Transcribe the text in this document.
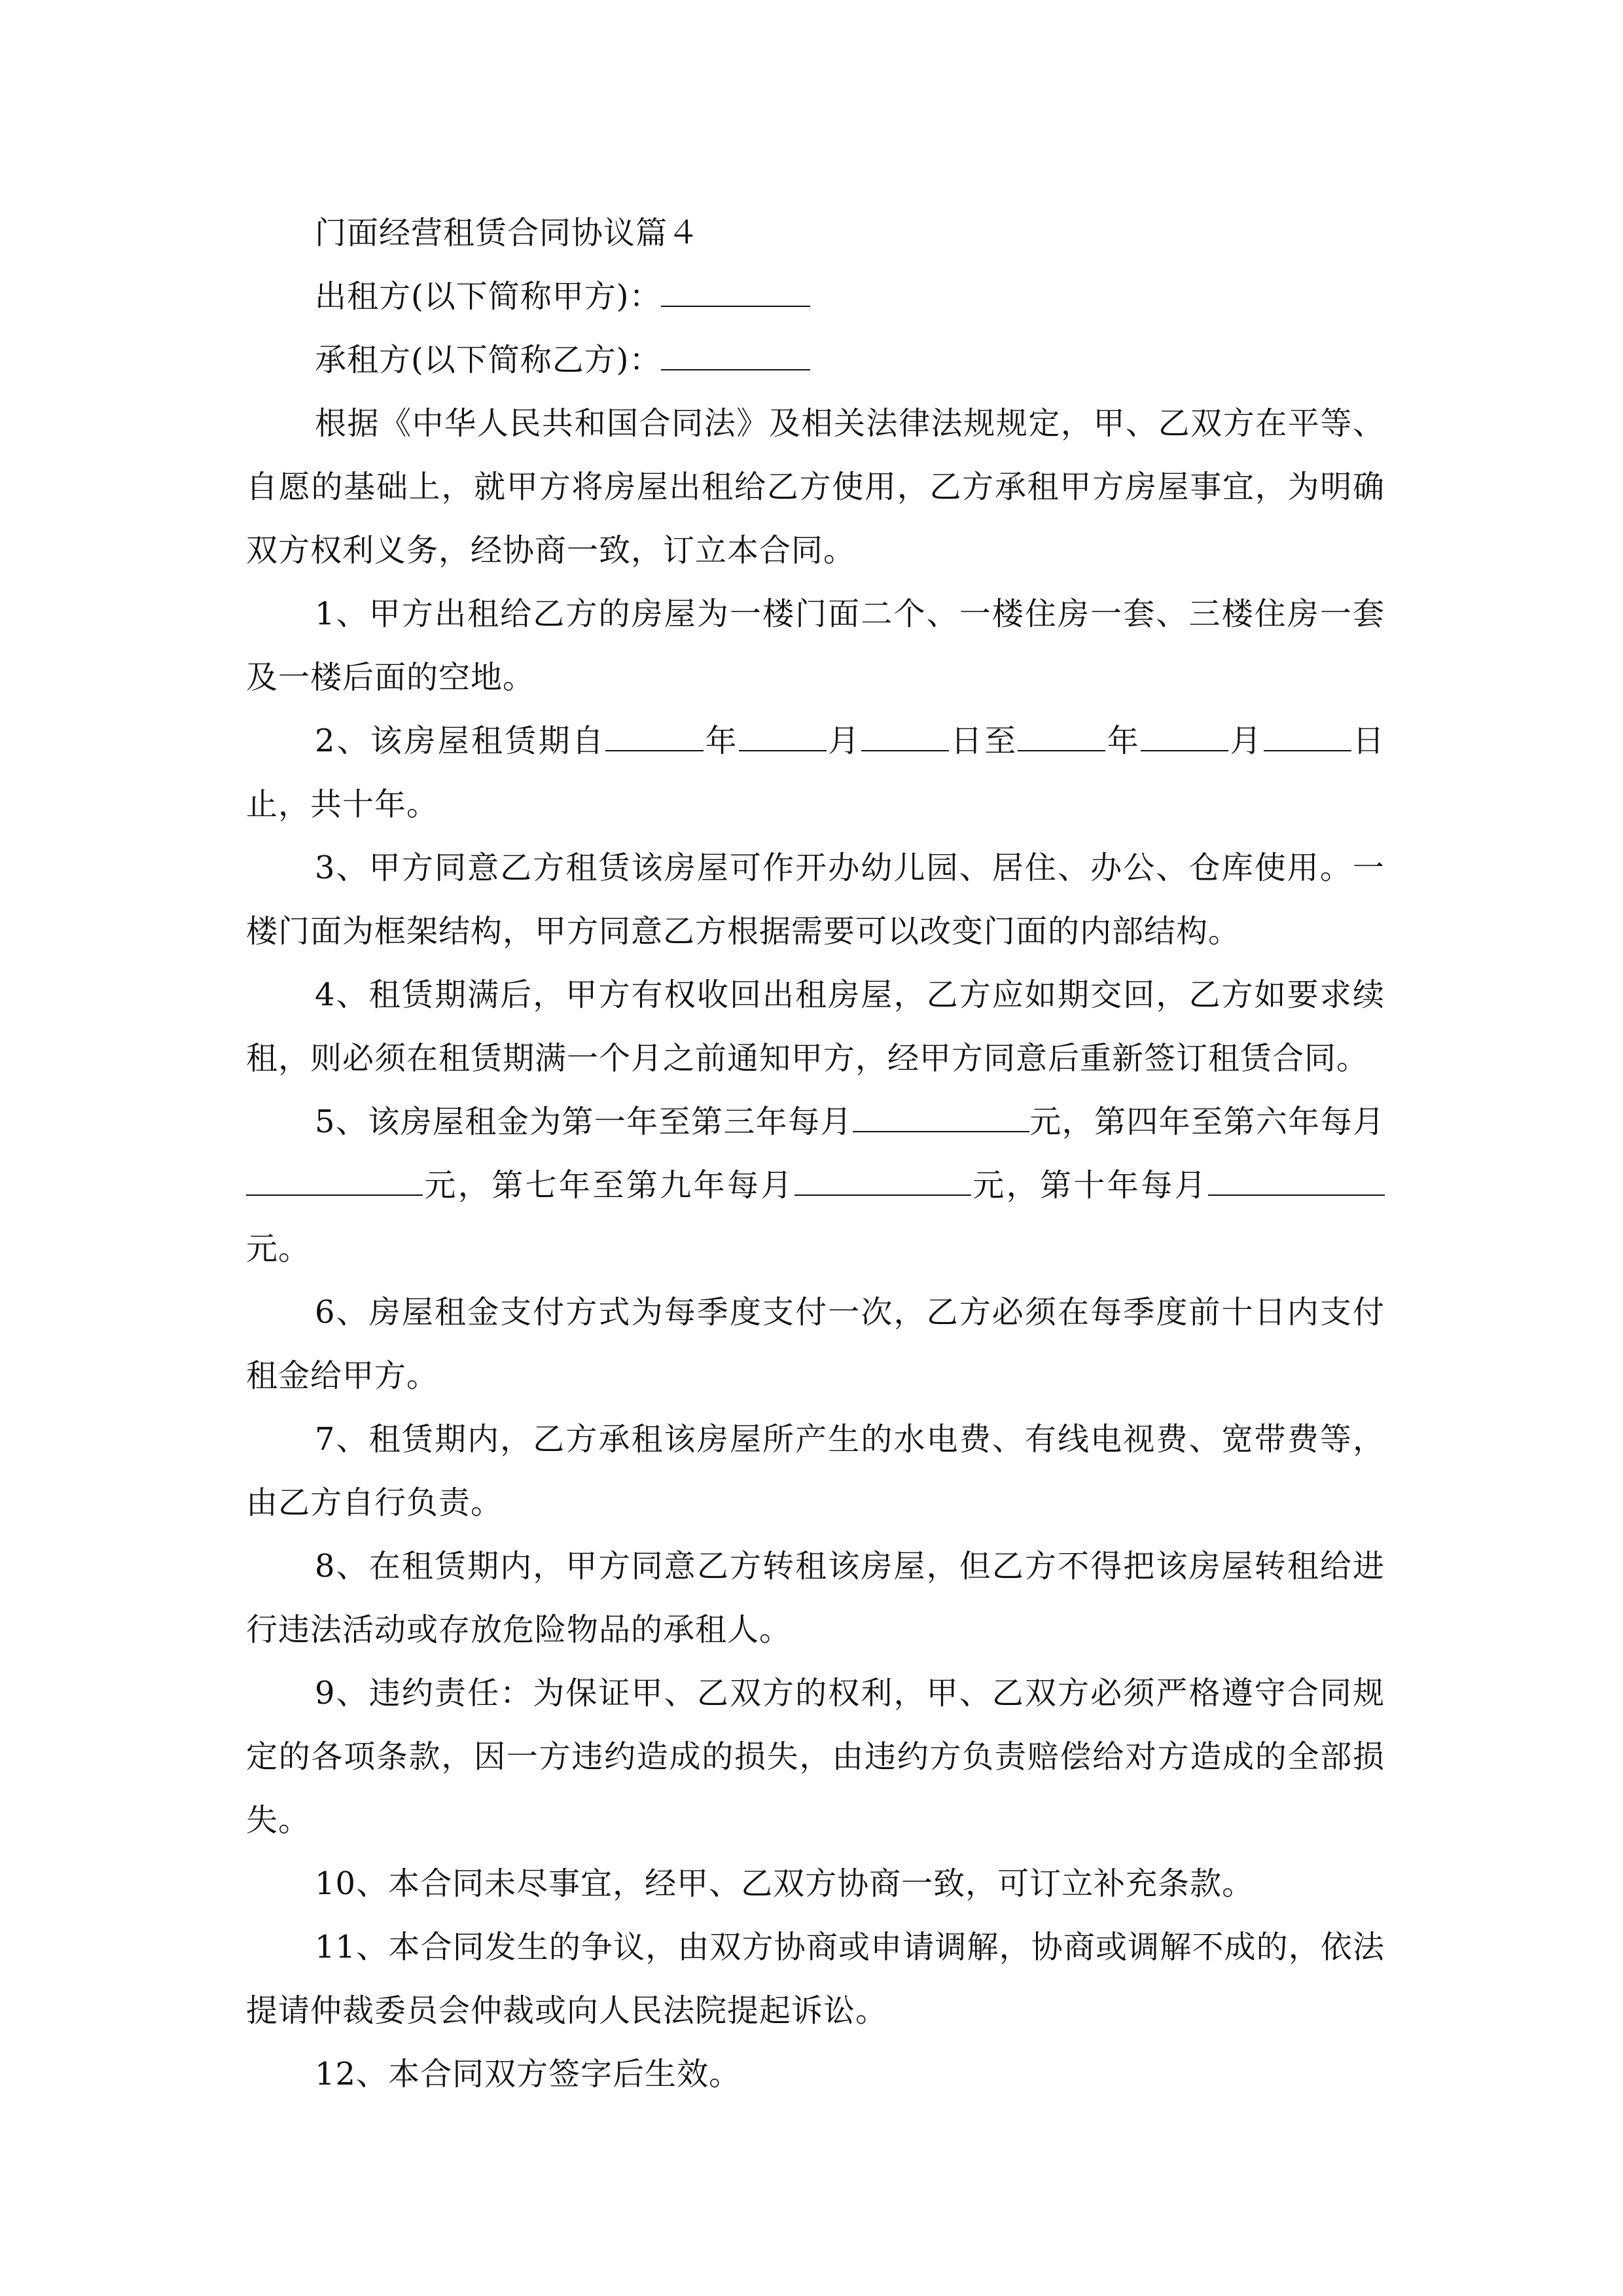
门面经营租赁合同协议篇４

出租方(以下简称甲方)：

承租方(以下简称乙方)：

根据《中华人民共和国合同法》及相关法律法规规定，甲、乙双方在平等、自愿的基础上，就甲方将房屋出租给乙方使用，乙方承租甲方房屋事宜，为明确双方权利义务，经协商一致，订立本合同。

1、甲方出租给乙方的房屋为一楼门面二个、一楼住房一套、三楼住房一套及一楼后面的空地。

2、该房屋租赁期自	年	月	日至	年	月	日止，共十年。

3、甲方同意乙方租赁该房屋可作开办幼儿园、居住、办公、仓库使用。一楼门面为框架结构，甲方同意乙方根据需要可以改变门面的内部结构。

4、租赁期满后，甲方有权收回出租房屋，乙方应如期交回，乙方如要求续租，则必须在租赁期满一个月之前通知甲方，经甲方同意后重新签订租赁合同。

5、该房屋租金为第一年至第三年每月	元，第四年至第六年每月元，第七年至第九年每月	元，第十年每月元。

6、房屋租金支付方式为每季度支付一次，乙方必须在每季度前十日内支付租金给甲方。

7、租赁期内，乙方承租该房屋所产生的水电费、有线电视费、宽带费等，由乙方自行负责。

8、在租赁期内，甲方同意乙方转租该房屋，但乙方不得把该房屋转租给进行违法活动或存放危险物品的承租人。

9、违约责任：为保证甲、乙双方的权利，甲、乙双方必须严格遵守合同规定的各项条款，因一方违约造成的损失，由违约方负责赔偿给对方造成的全部损失。

10、本合同未尽事宜，经甲、乙双方协商一致，可订立补充条款。

11、本合同发生的争议，由双方协商或申请调解，协商或调解不成的，依法提请仲裁委员会仲裁或向人民法院提起诉讼。

12、本合同双方签字后生效。
